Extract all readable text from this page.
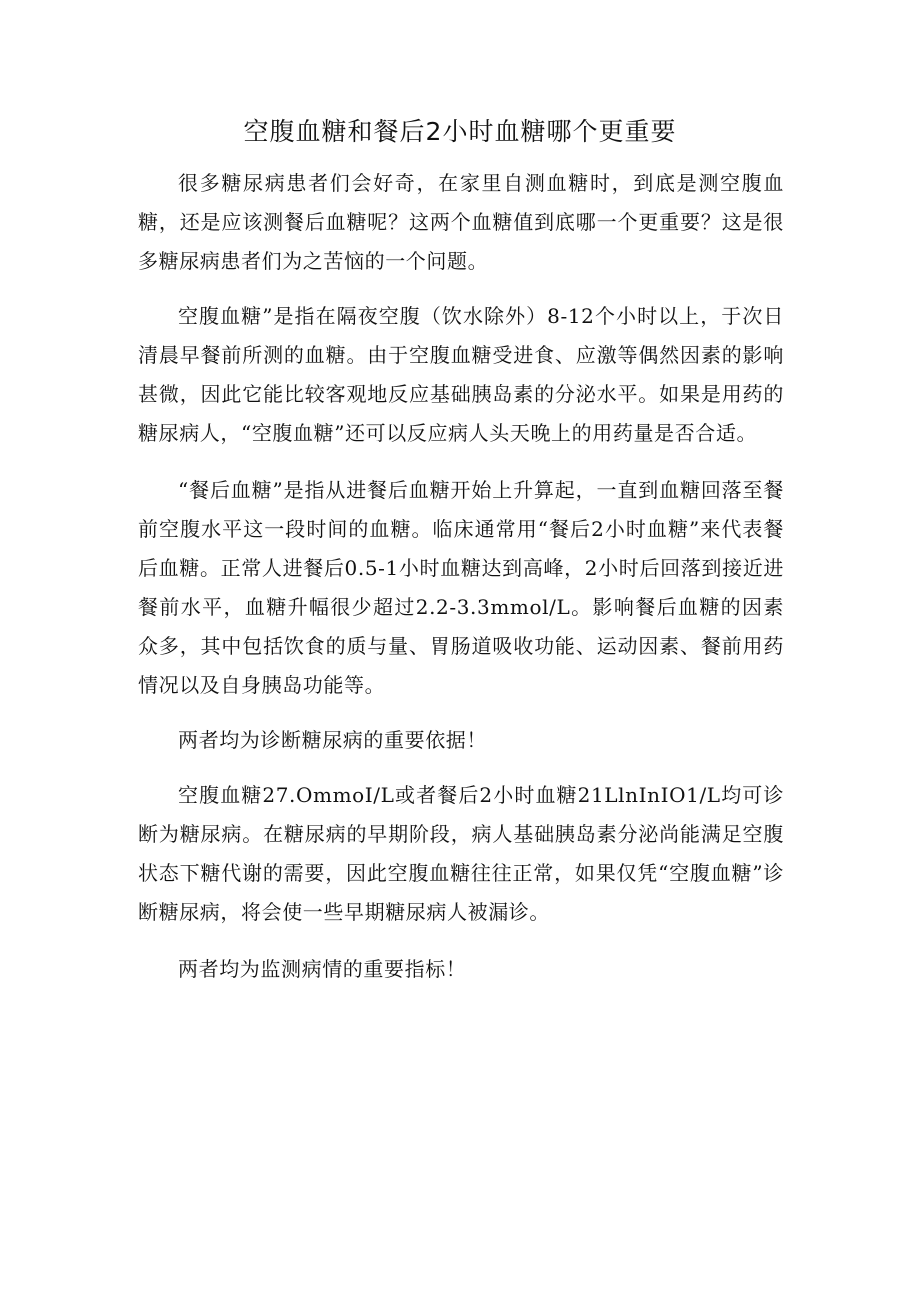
空腹血糖和餐后2小时血糖哪个更重要

很多糖尿病患者们会好奇，在家里自测血糖时，到底是测空腹血糖，还是应该测餐后血糖呢？这两个血糖值到底哪一个更重要？这是很多糖尿病患者们为之苦恼的一个问题。

空腹血糖”是指在隔夜空腹（饮水除外）8-12个小时以上，于次日清晨早餐前所测的血糖。由于空腹血糖受进食、应激等偶然因素的影响甚微，因此它能比较客观地反应基础胰岛素的分泌水平。如果是用药的糖尿病人，“空腹血糖”还可以反应病人头天晚上的用药量是否合适。

“餐后血糖”是指从进餐后血糖开始上升算起，一直到血糖回落至餐前空腹水平这一段时间的血糖。临床通常用“餐后2小时血糖”来代表餐后血糖。正常人进餐后0.5-1小时血糖达到高峰，2小时后回落到接近进餐前水平，血糖升幅很少超过2.2-3.3mmol/L。影响餐后血糖的因素众多，其中包括饮食的质与量、胃肠道吸收功能、运动因素、餐前用药情况以及自身胰岛功能等。

两者均为诊断糖尿病的重要依据！

空腹血糖27.OmmoI/L或者餐后2小时血糖21LlnInIO1/L均可诊断为糖尿病。在糖尿病的早期阶段，病人基础胰岛素分泌尚能满足空腹状态下糖代谢的需要，因此空腹血糖往往正常，如果仅凭“空腹血糖”诊断糖尿病，将会使一些早期糖尿病人被漏诊。

两者均为监测病情的重要指标！
